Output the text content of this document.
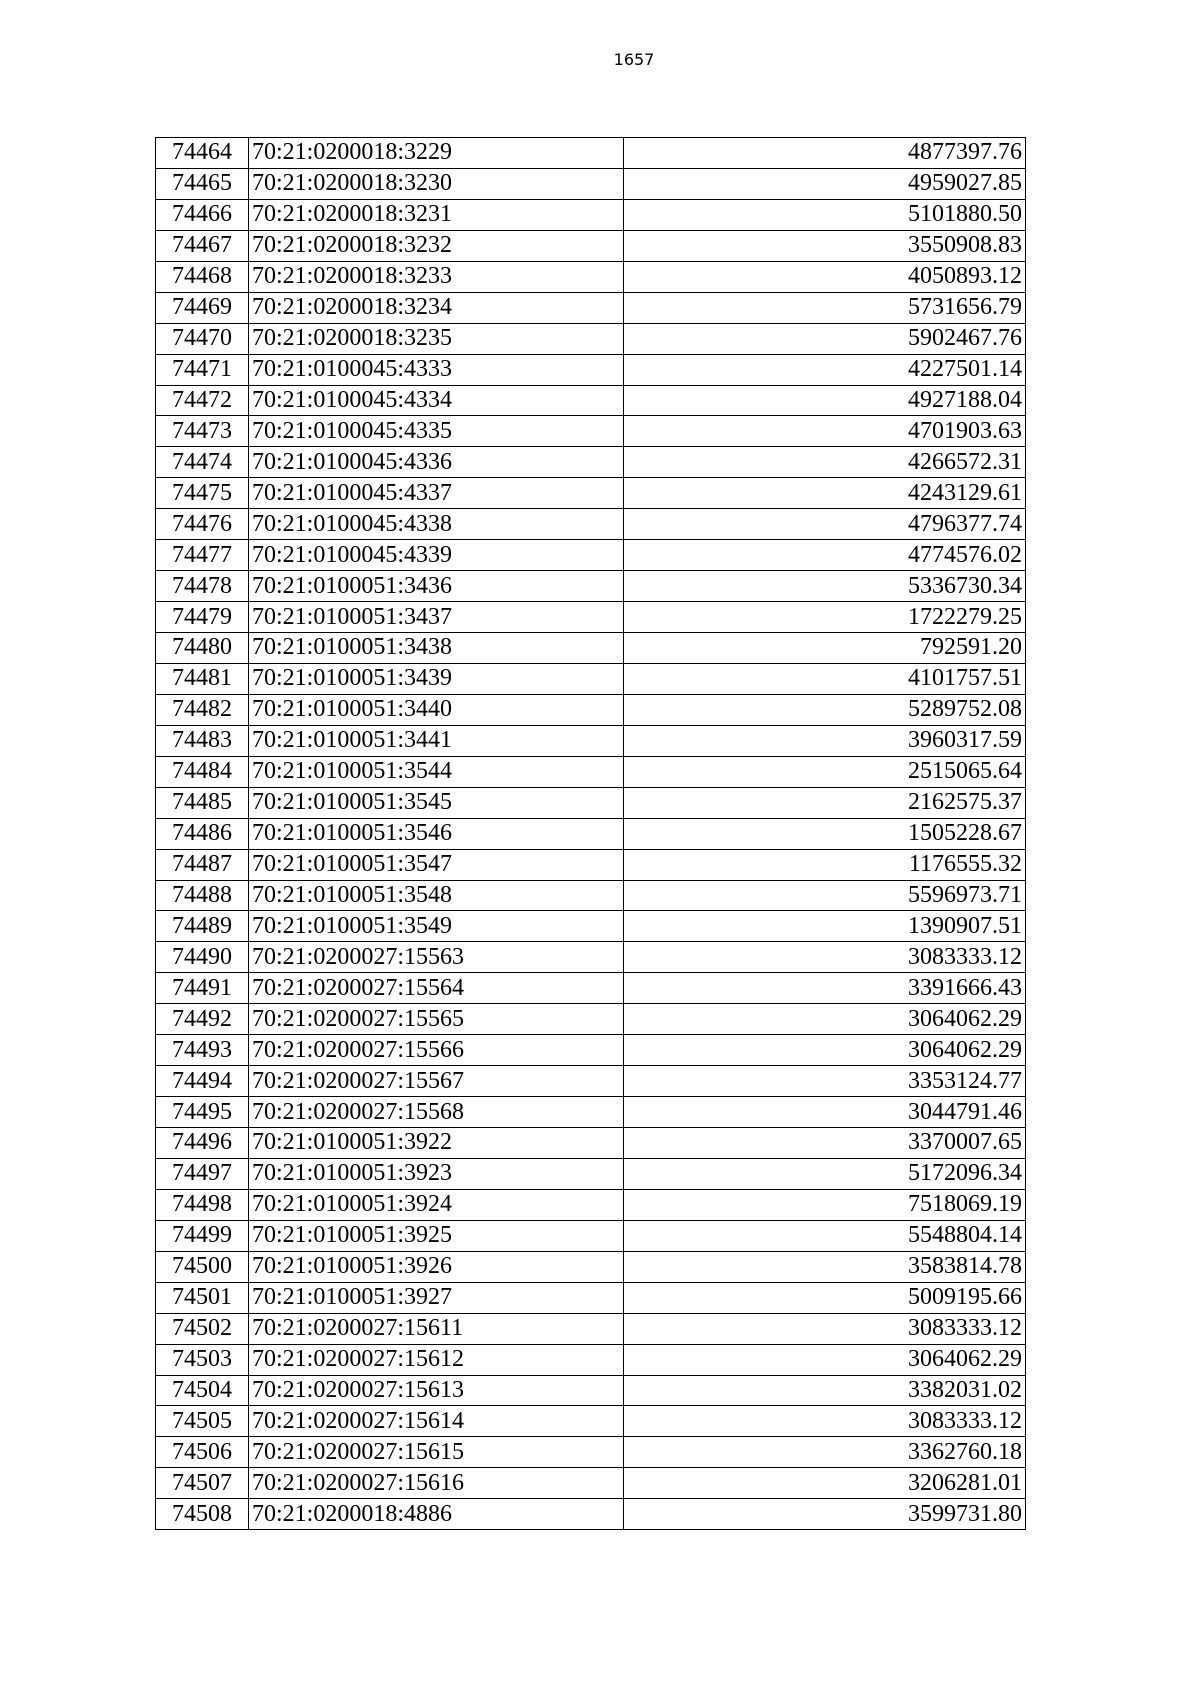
1657
74464	70:21:0200018:3229	4877397.76
74465	70:21:0200018:3230	4959027.85
74466	70:21:0200018:3231	5101880.50
74467	70:21:0200018:3232	3550908.83
74468	70:21:0200018:3233	4050893.12
74469	70:21:0200018:3234	5731656.79
74470	70:21:0200018:3235	5902467.76
74471	70:21:0100045:4333	4227501.14
74472	70:21:0100045:4334	4927188.04
74473	70:21:0100045:4335	4701903.63
74474	70:21:0100045:4336	4266572.31
74475	70:21:0100045:4337	4243129.61
74476	70:21:0100045:4338	4796377.74
74477	70:21:0100045:4339	4774576.02
74478	70:21:0100051:3436	5336730.34
74479	70:21:0100051:3437	1722279.25
74480	70:21:0100051:3438	792591.20
74481	70:21:0100051:3439	4101757.51
74482	70:21:0100051:3440	5289752.08
74483	70:21:0100051:3441	3960317.59
74484	70:21:0100051:3544	2515065.64
74485	70:21:0100051:3545	2162575.37
74486	70:21:0100051:3546	1505228.67
74487	70:21:0100051:3547	1176555.32
74488	70:21:0100051:3548	5596973.71
74489	70:21:0100051:3549	1390907.51
74490	70:21:0200027:15563	3083333.12
74491	70:21:0200027:15564	3391666.43
74492	70:21:0200027:15565	3064062.29
74493	70:21:0200027:15566	3064062.29
74494	70:21:0200027:15567	3353124.77
74495	70:21:0200027:15568	3044791.46
74496	70:21:0100051:3922	3370007.65
74497	70:21:0100051:3923	5172096.34
74498	70:21:0100051:3924	7518069.19
74499	70:21:0100051:3925	5548804.14
74500	70:21:0100051:3926	3583814.78
74501	70:21:0100051:3927	5009195.66
74502	70:21:0200027:15611	3083333.12
74503	70:21:0200027:15612	3064062.29
74504	70:21:0200027:15613	3382031.02
74505	70:21:0200027:15614	3083333.12
74506	70:21:0200027:15615	3362760.18
74507	70:21:0200027:15616	3206281.01
74508	70:21:0200018:4886	3599731.80
